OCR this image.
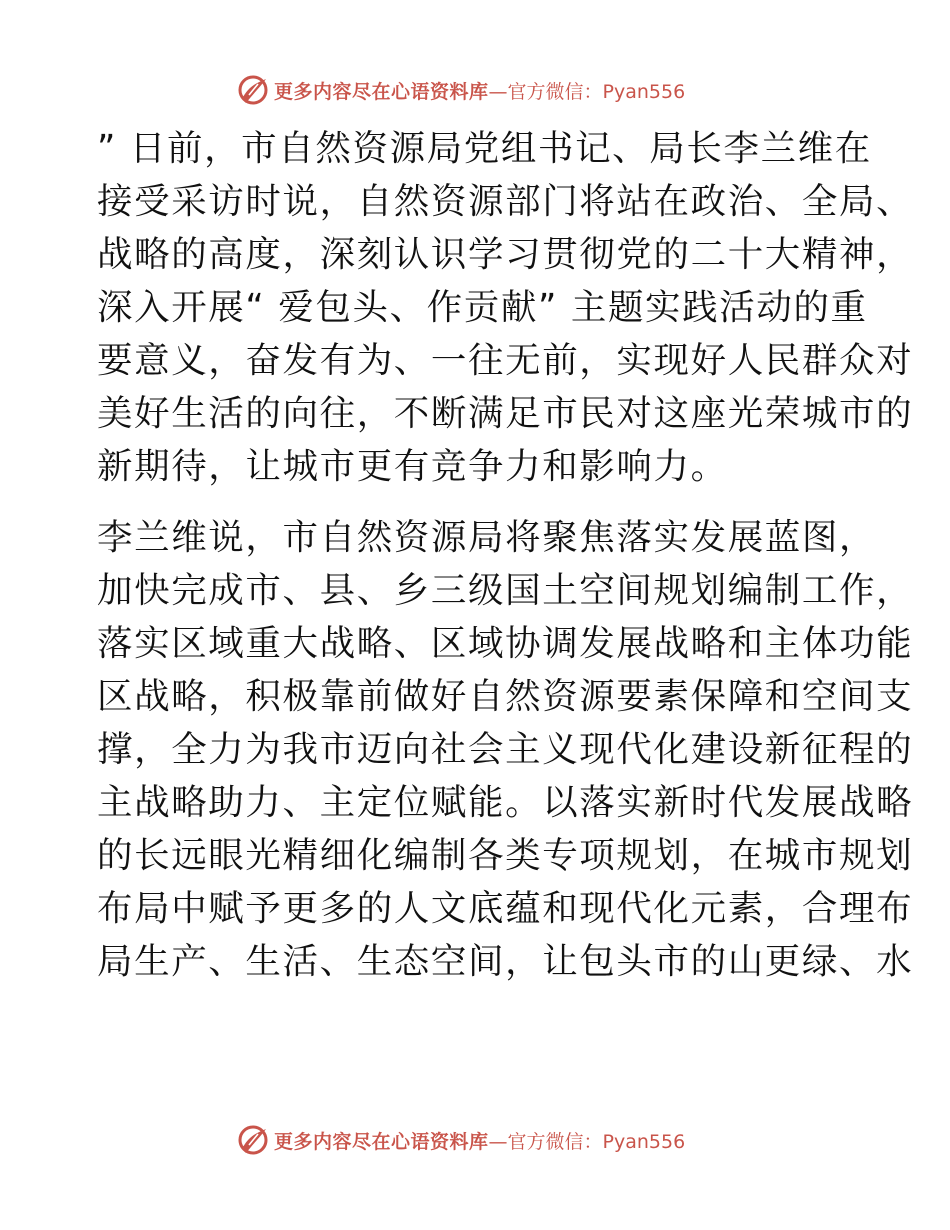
更多内容尽在心语资料库 —官方微信：Pyan556

” 日前，市自然资源局党组书记、局长李兰维在
接受采访时说，自然资源部门将站在政治、全局、
战略的高度，深刻认识学习贯彻党的二十大精神，
深入开展“ 爱包头、作贡献” 主题实践活动的重
要意义，奋发有为、一往无前，实现好人民群众对
美好生活的向往，不断满足市民对这座光荣城市的
新期待，让城市更有竞争力和影响力。

李兰维说，市自然资源局将聚焦落实发展蓝图，
加快完成市、县、乡三级国土空间规划编制工作，
落实区域重大战略、区域协调发展战略和主体功能
区战略，积极靠前做好自然资源要素保障和空间支
撑，全力为我市迈向社会主义现代化建设新征程的
主战略助力、主定位赋能。以落实新时代发展战略
的长远眼光精细化编制各类专项规划，在城市规划
布局中赋予更多的人文底蕴和现代化元素，合理布
局生产、生活、生态空间，让包头市的山更绿、水

更多内容尽在心语资料库 —官方微信：Pyan556
